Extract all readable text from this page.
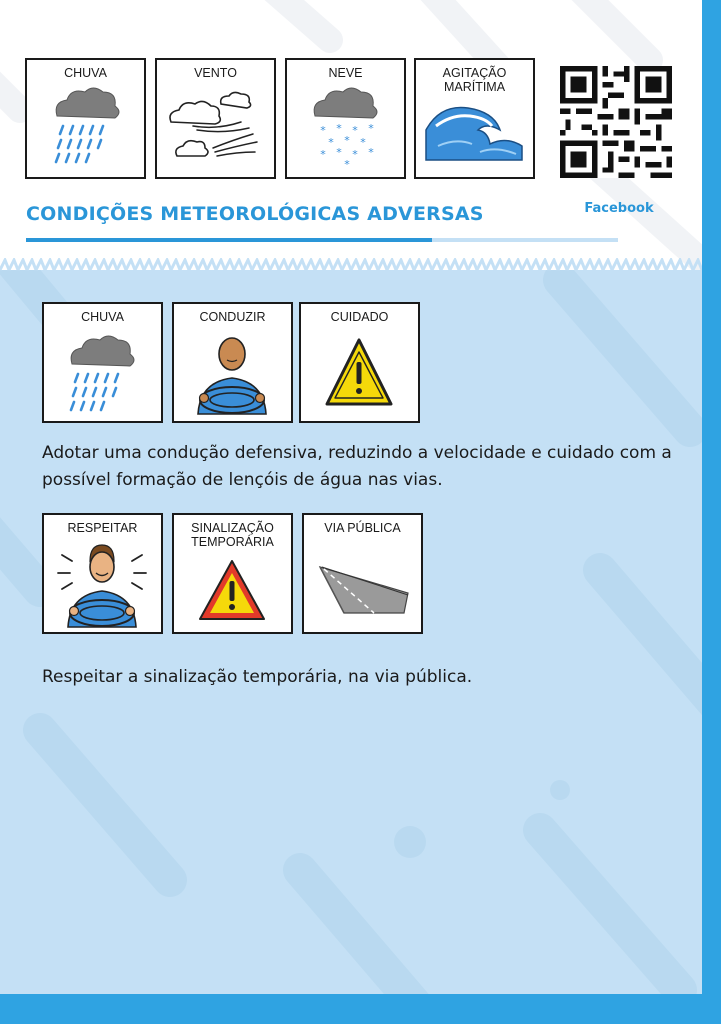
CHUVA	VENTO	NEVE
* * * *
* * *
* * * *
*
AGITAÇÃO
MARÍTIMA
Facebook
CONDIÇÕES METEOROLÓGICAS ADVERSAS
CHUVA	CONDUZIR	CUIDADO

Adotar uma condução defensiva, reduzindo a velocidade e cuidado com a possível formação de lençóis de água nas vias.

RESPEITAR	SINALIZAÇÃO
TEMPORÁRIA
VIA PÚBLICA

Respeitar a sinalização temporária, na via pública.
